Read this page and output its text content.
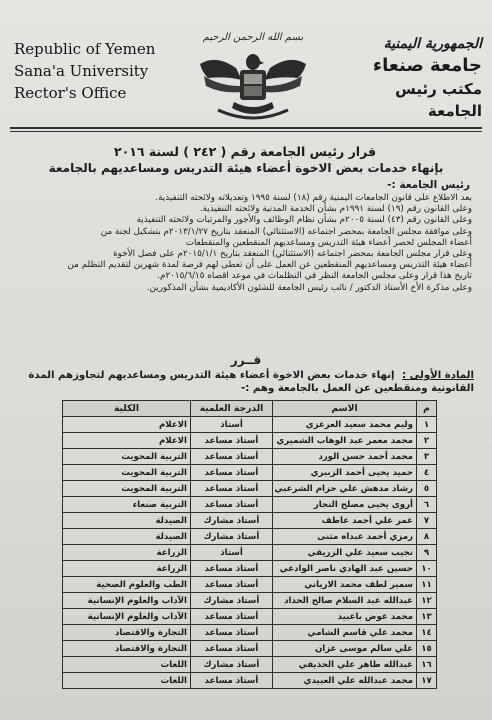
Republic of Yemen
Sana'a University
Rector's Office
بسم الله الرحمن الرحيم	الجمهورية اليمنية
جامعة صنعاء
مكتب رئيس الجامعة
قرار رئيس الجامعة رقم ( ٢٤٢ ) لسنة ٢٠١٦
بإنهاء خدمات بعض الاخوة أعضاء هيئة التدريس ومساعديهم بالجامعة
رئيس الجامعة :-

بعد الاطلاع على قانون الجامعات اليمنية رقم (١٨) لسنة ١٩٩٥ وتعديلاته ولائحته التنفيذية.

وعلى القانون رقم (١٩) لسنة ١٩٩١م بشأن الخدمة المدنية ولائحته التنفيذية.

وعلى القانون رقم (٤٣) لسنة ٢٠٠٥م بشأن نظام الوظائف والأجور والمرتبات ولائحته التنفيذية

وعلى موافقة مجلس الجامعة بمحضر اجتماعه (الاستثنائي) المنعقد بتاريخ ٢٠١٣/١/٢٧م بتشكيل لجنة من

أعضاء المجلس لحصر أعضاء هيئة التدريس ومساعديهم المنقطعين والمنقطعات

وعلى قرار مجلس الجامعة بمحضر اجتماعه (الاستثنائي) المنعقد بتاريخ ٢٠١٥/١/١م على فصل الأخوة

أعضاء هيئة التدريس ومساعديهم المنقطعين عن العمل على أن تعطى لهم فرصة لمدة شهرين لتقديم التظلم من

تاريخ هذا قرار وعلى مجلس الجامعة النظر في التظلمات في موعد اقصاه ٢٠١٥/٦/١٥م.

وعلى مذكرة الأخ الأستاذ الدكتور / نائب رئيس الجامعة للشئون الأكاديمية بشأن المذكورين.

قــرر
المادة الأولى : إنهاء خدمات بعض الاخوة أعضاء هيئة التدريس ومساعديهم لتجاوزهم المدة القانونية ومنقطعين عن العمل بالجامعة وهم :-
م	الاسم	الدرجة العلمية	الكلية
١	وليم محمد سعيد العزعزي	أستاذ	الاعلام
٢	محمد معمر عبد الوهاب الشميري	أستاذ مساعد	الاعلام
٣	محمد أحمد حسن الورد	أستاذ مساعد	التربية المحويت
٤	حميد يحيى أحمد الزبيري	أستاذ مساعد	التربية المحويت
٥	رشاد مدهش علي حزام الشرعبي	أستاذ مساعد	التربية المحويت
٦	أروى يحيى مصلح النجار	أستاذ مساعد	التربية صنعاء
٧	عمر علي أحمد عاطف	أستاذ مشارك	الصيدلة
٨	رمزي أحمد عبداه مثنى	أستاذ مشارك	الصيدلة
٩	نجيب سعيد علي الزريقي	أستاذ	الزراعة
١٠	حسين عبد الهادي ناصر الوادعي	أستاذ مساعد	الزراعة
١١	سمير لطف محمد الارياني	أستاذ مساعد	الطب والعلوم الصحية
١٢	عبدالله عبد السلام صالح الحداد	أستاذ مشارك	الآداب والعلوم الإنسانية
١٣	محمد عوض باعبيد	أستاذ مساعد	الآداب والعلوم الإنسانية
١٤	محمد علي قاسم الشامي	أستاذ مساعد	التجارة والاقتصاد
١٥	علي سالم موسى عزان	أستاذ مساعد	التجارة والاقتصاد
١٦	عبدالله طاهر علي الحذيفي	أستاذ مشارك	اللغات
١٧	محمد عبدالله علي العبيدي	أستاذ مساعد	اللغات
